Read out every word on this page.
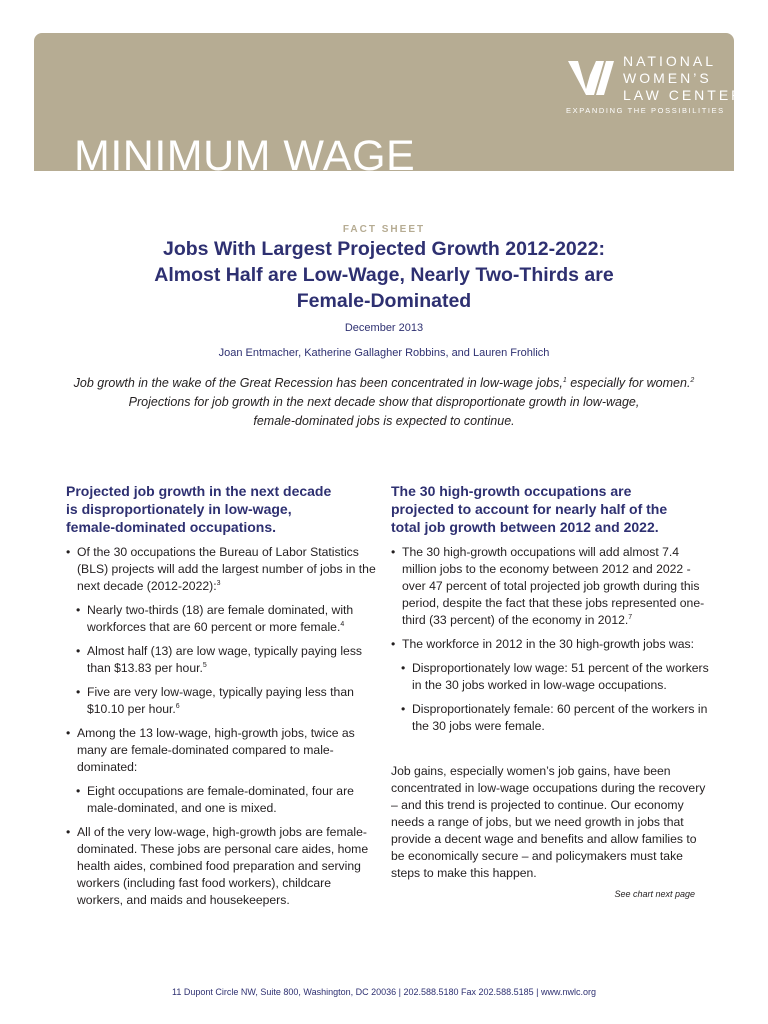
NATIONAL
WOMEN’S
LAW CENTER
EXPANDING THE POSSIBILITIES
MINIMUM WAGE
FACT SHEET
Jobs With Largest Projected Growth 2012-2022:
Almost Half are Low-Wage, Nearly Two-Thirds are
Female-Dominated
December 2013
Joan Entmacher, Katherine Gallagher Robbins, and Lauren Frohlich
Job growth in the wake of the Great Recession has been concentrated in low-wage jobs,$^1$ especially for women.$^2$
Projections for job growth in the next decade show that disproportionate growth in low-wage,
female-dominated jobs is expected to continue.
Projected job growth in the next decade
is disproportionately in low-wage,
female-dominated occupations.
• Of the 30 occupations the Bureau of Labor Statistics (BLS) projects will add the largest number of jobs in the next decade (2012-2022):$^3$
• Nearly two-thirds (18) are female dominated, with workforces that are 60 percent or more female.$^4$
• Almost half (13) are low wage, typically paying less than $13.83 per hour.$^5$
• Five are very low-wage, typically paying less than $10.10 per hour.$^6$
• Among the 13 low-wage, high-growth jobs, twice as many are female-dominated compared to male-dominated:
• Eight occupations are female-dominated, four are male-dominated, and one is mixed.
• All of the very low-wage, high-growth jobs are female-dominated. These jobs are personal care aides, home health aides, combined food preparation and serving workers (including fast food workers), childcare workers, and maids and housekeepers.
The 30 high-growth occupations are
projected to account for nearly half of the
total job growth between 2012 and 2022.
• The 30 high-growth occupations will add almost 7.4 million jobs to the economy between 2012 and 2022 - over 47 percent of total projected job growth during this period, despite the fact that these jobs represented one-third (33 percent) of the economy in 2012.$^7$
• The workforce in 2012 in the 30 high-growth jobs was:
• Disproportionately low wage: 51 percent of the workers in the 30 jobs worked in low-wage occupations.
• Disproportionately female: 60 percent of the workers in the 30 jobs were female.
Job gains, especially women’s job gains, have been concentrated in low-wage occupations during the recovery – and this trend is projected to continue. Our economy needs a range of jobs, but we need growth in jobs that provide a decent wage and benefits and allow families to be economically secure – and policymakers must take steps to make this happen.
See chart next page
11 Dupont Circle NW, Suite 800, Washington, DC 20036 | 202.588.5180 Fax 202.588.5185 | www.nwlc.org
